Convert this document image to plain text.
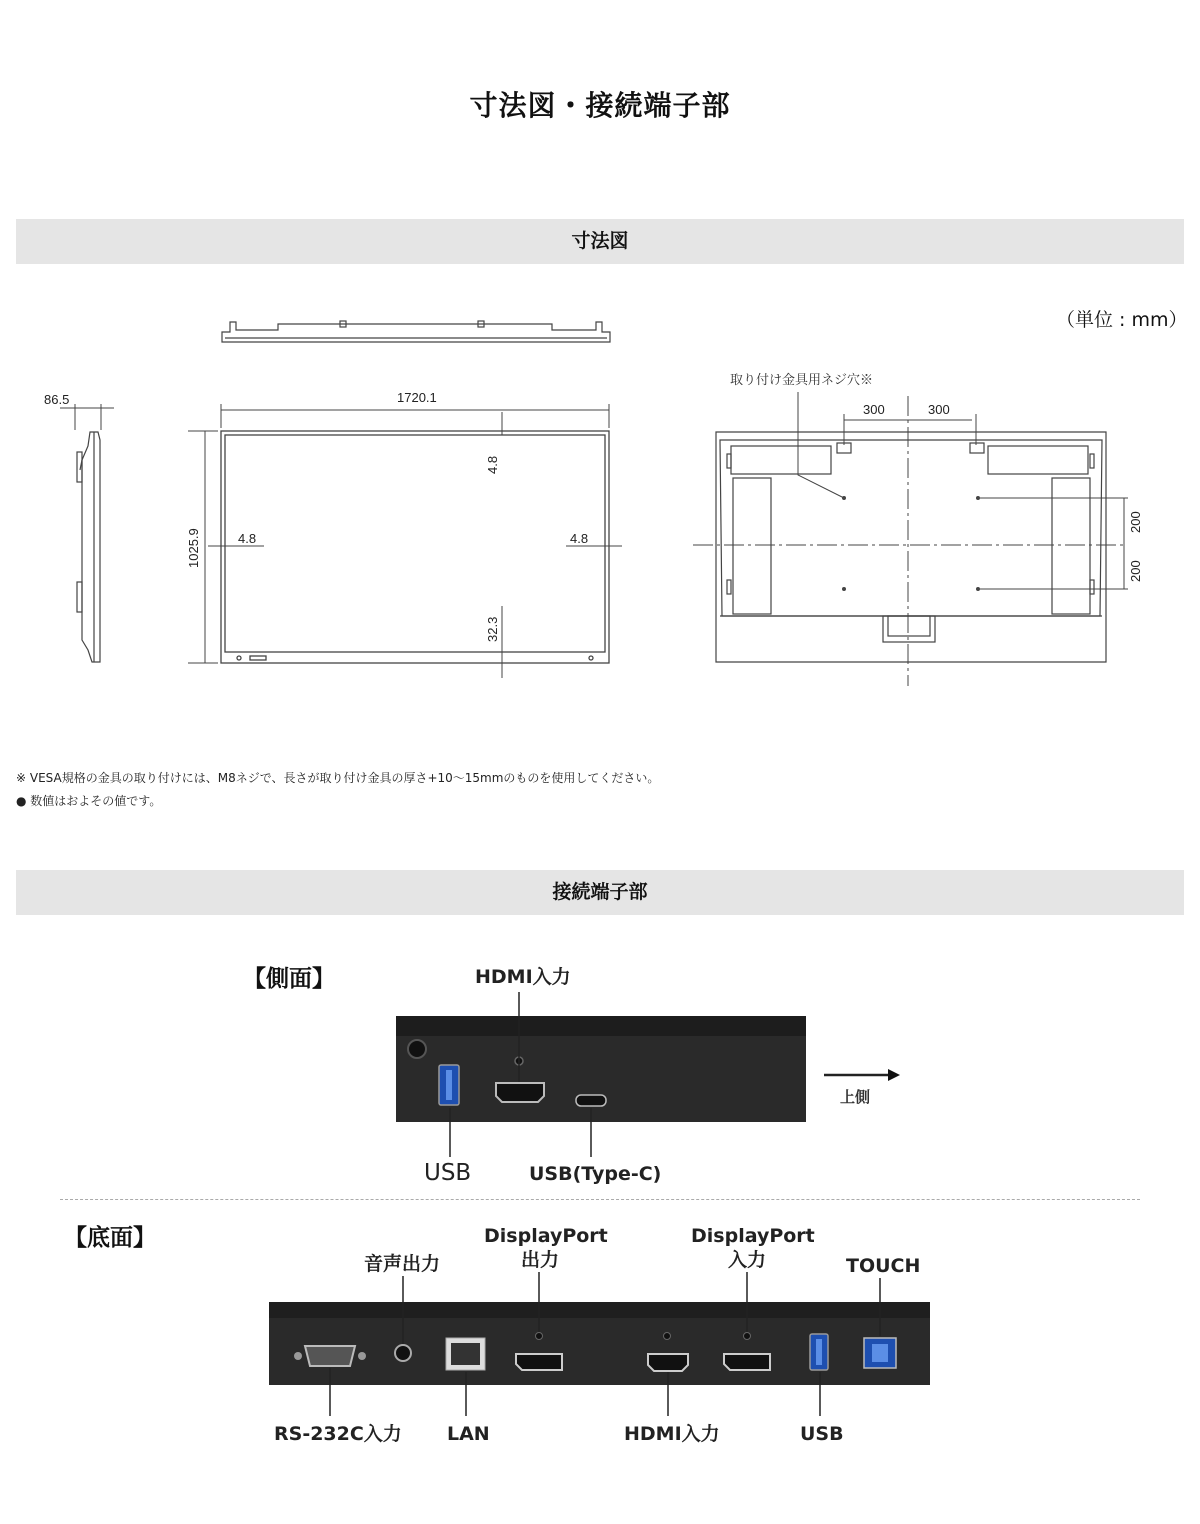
寸法図・接続端子部
寸法図
（単位 : mm）
86.5	1720.1
1025.9
4.8
4.8	4.8
32.3
取り付け金具用ネジ穴※
300	300
200
200
※ VESA規格の金具の取り付けには、M8ネジで、長さが取り付け金具の厚さ+10～15mmのものを使用してください。
● 数値はおよその値です。
接続端子部
【側面】	HDMI入力
上側
USB	USB(Type-C)
【底面】
音声出力
DisplayPort
出力
DisplayPort
入力	TOUCH
RS-232C入力 LAN	HDMI入力	USB
